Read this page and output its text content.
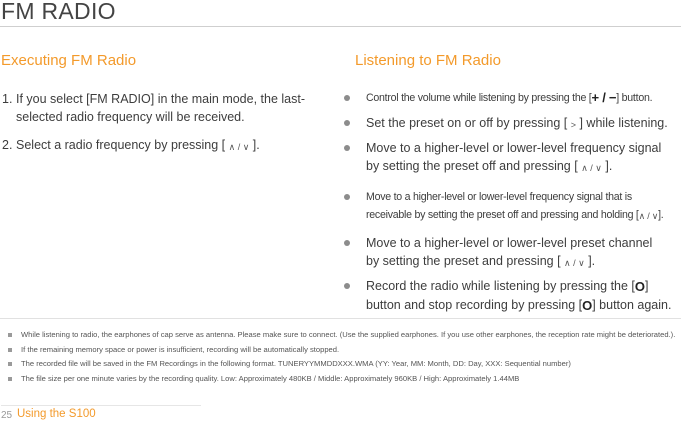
FM RADIO
Executing FM Radio	Listening to FM Radio
1. If you select [FM RADIO] in the main mode, the last-
selected radio frequency will be received.
2. Select a radio frequency by pressing [ ∧ / ∨ ].
Control the volume while listening by pressing the [+ / −] button.
Set the preset on or off by pressing [ > ] while listening.
Move to a higher-level or lower-level frequency signal
by setting the preset off and pressing [ ∧ / ∨ ].
Move to a higher-level or lower-level frequency signal that is
receivable by setting the preset off and pressing and holding [∧ / ∨].
Move to a higher-level or lower-level preset channel
by setting the preset and pressing [ ∧ / ∨ ].
Record the radio while listening by pressing the [O]
button and stop recording by pressing [O] button again.
While listening to radio, the earphones of cap serve as antenna. Please make sure to connect. (Use the supplied earphones. If you use other earphones, the reception rate might be deteriorated.).
If the remaining memory space or power is insufficient, recording will be automatically stopped.
The recorded file will be saved in the FM Recordings in the following format. TUNERYYMMDDXXX.WMA (YY: Year, MM: Month, DD: Day, XXX: Sequential number)
The file size per one minute varies by the recording quality. Low: Approximately 480KB / Middle: Approximately 960KB / High: Approximately 1.44MB
25 Using the S100
